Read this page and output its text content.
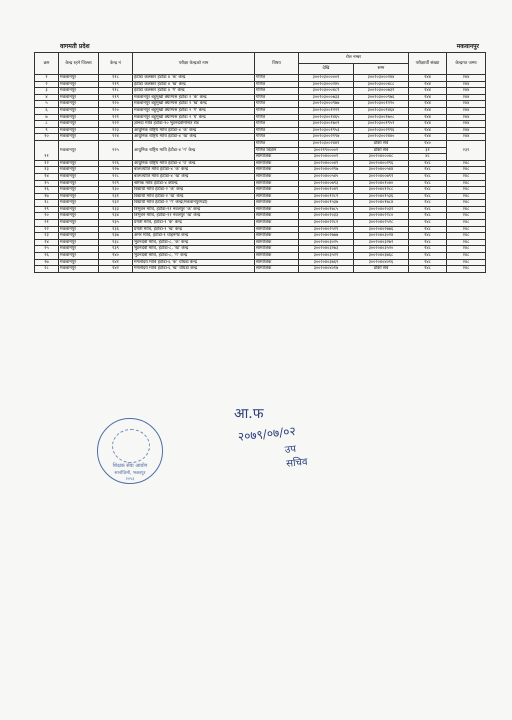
वागमती प्रदेश	मकवानपुर
क्रम	केन्द्र रहने जिल्ला	केन्द्र नं	परीक्षा केन्द्रको नाम	विषय	रोल नम्बर		परीक्षार्थी संख्या	केन्द्रगत जम्मा
					देखि	सम्म		
१	मकवानपुर	११८	हेटौडा कलस्टर हेटौडा ४ 'क' केन्द्र	गणित	३००२०३०००००१	३००२०३०००२४४	२४४	२४४
२	मकवानपुर	११९	हेटौडा कलस्टर हेटौडा ४ 'ख' केन्द्र	गणित	३००२०३०००२४५	३००२०३०००४८८	२४४	२४४
३	मकवानपुर	११८	हेटौडा कलस्टर हेटौडा ४ 'ग' केन्द्र	गणित	३००२०३०००४८९	३००२०३०००७३२	२४४	२४४
४	मकवानपुर	११९	मकवानपुर बहुमुखी क्याम्पस हेटौडा २ 'क' केन्द्र	गणित	३००२०३०००७३३	३००२०३०००९७६	२४४	२४४
५	मकवानपुर	१२०	मकवानपुर बहुमुखी क्याम्पस हेटौडा २ 'ख' केन्द्र	गणित	३००२०३०००९७७	३००२०३००१२२०	२४४	२४४
६	मकवानपुर	१२०	मकवानपुर बहुमुखी क्याम्पस हेटौडा २ 'ग' केन्द्र	गणित	३००२०३००१२२१	३००२०३००१४६४	२४४	२४४
७	मकवानपुर	१२१	मकवानपुर बहुमुखी क्याम्पस हेटौडा २ 'घ' केन्द्र	गणित	३००२०३००१४६५	३००२०३००१७०८	२४४	२४४
८	मकवानपुर	१२२	ज्ञानदा मावि हेटौडा-१० भुटनदेवीमन्दिर रोड	गणित	३००२०३००१७०९	३००२०३००१९५२	२४४	२४४
९	मकवानपुर	१२३	आधुनिक राष्ट्रिय मावि हेटौडा-४ 'क' केन्द्र	गणित	३००२०३००१९५३	३००२०३००२१९६	२४४	२४४
१०	मकवानपुर	१२४	आधुनिक राष्ट्रिय मावि हेटौडा-४ 'ख' केन्द्र	गणित	३००२०३००२१९७	३००२०३००२४४०	२४४	२४४
११	मकवानपुर	१२५	आधुनिक राष्ट्रिय मावि हेटौडा-४ 'ग' केन्द्र	गणित	३००२०३००२४४१	डोकी सर्व	१४०	२३१
				गणित विज्ञान	३००२१९००००१	डोकी सर्व	३१	
				सामाजिक	३००२०४००००१	३००२०४०००४८	४८	
१२	मकवानपुर	१२६	आधुनिक राष्ट्रिय मावि हेटौडा-४ 'घ' केन्द्र	सामाजिक	३००२०४०००४९	३००२०४००२९६	२४८	२४८
१३	मकवानपुर	१२७	बालज्योति मावि हेटौडा-४ 'क' केन्द्र	सामाजिक	३००२०४००२९७	३००२०४००५४४	२४८	२४८
१४	मकवानपुर	१२८	बालज्योति मावि हेटौडा-४ 'ख' केन्द्र	सामाजिक	३००२०४००५४५	३००२०४००७९२	२४८	२४८
१५	मकवानपुर	१२९	श्रमिक मावि हेटौडा-४ क्यान्द्र	सामाजिक	३००२०४००७९३	३००२०४०१०४०	२४८	२४८
१६	मकवानपुर	१३०	विद्यार्थी मावि हेटौडा-२ 'क' केन्द्र	सामाजिक	३००२०४०१०४१	३००२०४०१२८८	२४८	२४८
१७	मकवानपुर	१३१	विद्यार्थी मावि हेटौडा-२ 'ख' केन्द्र	सामाजिक	३००२०४०१२८९	३००२०४०१५३६	२४८	२४८
१८	मकवानपुर	१३२	विद्यार्थी मावि हेटौडा-२ 'ग' केन्द्र(मकवानपुरगढी)	सामाजिक	३००२०४०१५३७	३००२०४०१७८४	२४८	२४८
१९	मकवानपुर	१३३	त्रिभुवन मावि, हेटौडा-११ नवलपुर 'क' केन्द्र	सामाजिक	३००२०४०१७८५	३००२०४०२०३२	२४८	२४८
२०	मकवानपुर	१३४	त्रिभुवन मावि, हेटौडा-११ नवलपुर 'ख' केन्द्र	सामाजिक	३००२०४०२०३३	३००२०४०२२८०	२४८	२४८
२१	मकवानपुर	१३५	प्रगती मावि, हेटौडा-१ 'क' केन्द्र	सामाजिक	३००२०४०२२८१	३००२०४०२५२८	२४८	२४८
२२	मकवानपुर	१३६	प्रगती मावि, हेटौडा-१ 'ख' केन्द्र	सामाजिक	३००२०४०२५२९	३००२०४०२७७६	२४८	२४८
२३	मकवानपुर	१३७	अमर मावि, हेटौडा-१ चाइनगेट केन्द्र	सामाजिक	३००२०४०२७७७	३००२०४०३०२४	२४८	२४८
२४	मकवानपुर	१३८	भुटनदेवी मावि, हेटौडा-८, 'क' केन्द्र	सामाजिक	३००२०४०३०२५	३००२०४०३२७२	२४८	२४८
२५	मकवानपुर	१३९	भुटनदेवी मावि, हेटौडा-८, 'ख' केन्द्र	सामाजिक	३००२०४०३२७३	३००२०४०३५२०	२४८	२४८
२६	मकवानपुर	१४०	भुटनदेवी मावि, हेटौडा-८, 'ग' केन्द्र	सामाजिक	३००२०४०३५२१	३००२०४०३७६८	२४८	२४८
२७	मकवानपुर	१४१	मंगलोदय मावि हेटौडा-६ 'क' चौघडा केन्द्र	सामाजिक	३००२०४०३७६९	३००२०४०४०१६	२४८	२४८
२८	मकवानपुर	१४२	मंगलोदय मावि हेटौडा-६ 'ख' चौघडा केन्द्र	सामाजिक	३००२०४०४०१७	डोकी सर्व	२४८	२४८
शिक्षक सेवा आयोग
सानोठिमी, भक्तपुर
२०५३
आ.फ
२०७९/०७/०२
उप सचिव
